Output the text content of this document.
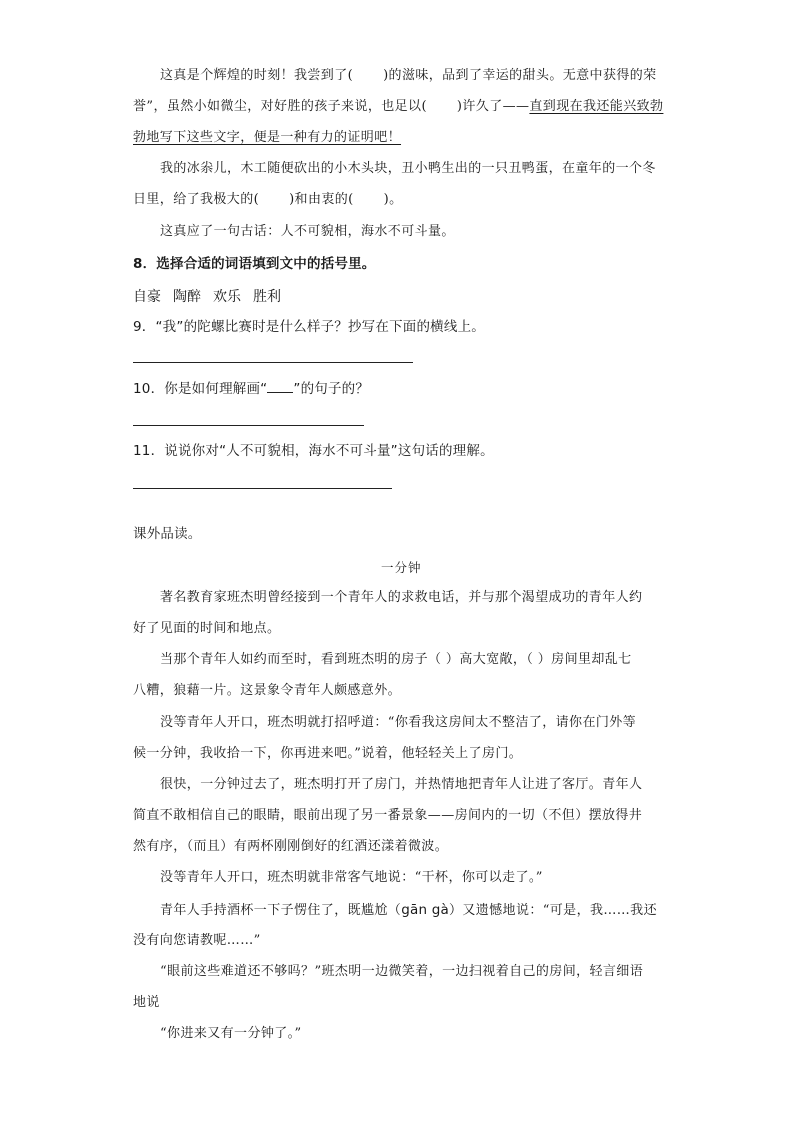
这真是个辉煌的时刻！我尝到了( )的滋味，品到了幸运的甜头。无意中获得的荣
誉”，虽然小如微尘，对好胜的孩子来说，也足以( )许久了——直到现在我还能兴致勃
勃地写下这些文字，便是一种有力的证明吧！
我的冰尜儿，木工随便砍出的小木头块，丑小鸭生出的一只丑鸭蛋，在童年的一个冬
日里，给了我极大的( )和由衷的( )。
这真应了一句古话：人不可貌相，海水不可斗量。
8．选择合适的词语填到文中的括号里。
自豪 陶醉 欢乐 胜利
9．“我”的陀螺比赛时是什么样子？抄写在下面的横线上。
10．你是如何理解画“ ”的句子的？
11．说说你对“人不可貌相，海水不可斗量”这句话的理解。
课外品读。
一分钟
著名教育家班杰明曾经接到一个青年人的求救电话，并与那个渴望成功的青年人约
好了见面的时间和地点。
当那个青年人如约而至时，看到班杰明的房子（ ）高大宽敞，（ ）房间里却乱七
八糟，狼藉一片。这景象令青年人颇感意外。
没等青年人开口，班杰明就打招呼道：“你看我这房间太不整洁了，请你在门外等
候一分钟，我收拾一下，你再进来吧。”说着，他轻轻关上了房门。
很快，一分钟过去了，班杰明打开了房门，并热情地把青年人让进了客厅。青年人
简直不敢相信自己的眼睛，眼前出现了另一番景象——房间内的一切（不但）摆放得井
然有序，（而且）有两杯刚刚倒好的红酒还漾着微波。
没等青年人开口，班杰明就非常客气地说：“干杯，你可以走了。”
青年人手持酒杯一下子愣住了，既尴尬（gān gà）又遗憾地说：“可是，我……我还
没有向您请教呢……”
“眼前这些难道还不够吗？”班杰明一边微笑着，一边扫视着自己的房间，轻言细语
地说
“你进来又有一分钟了。”
